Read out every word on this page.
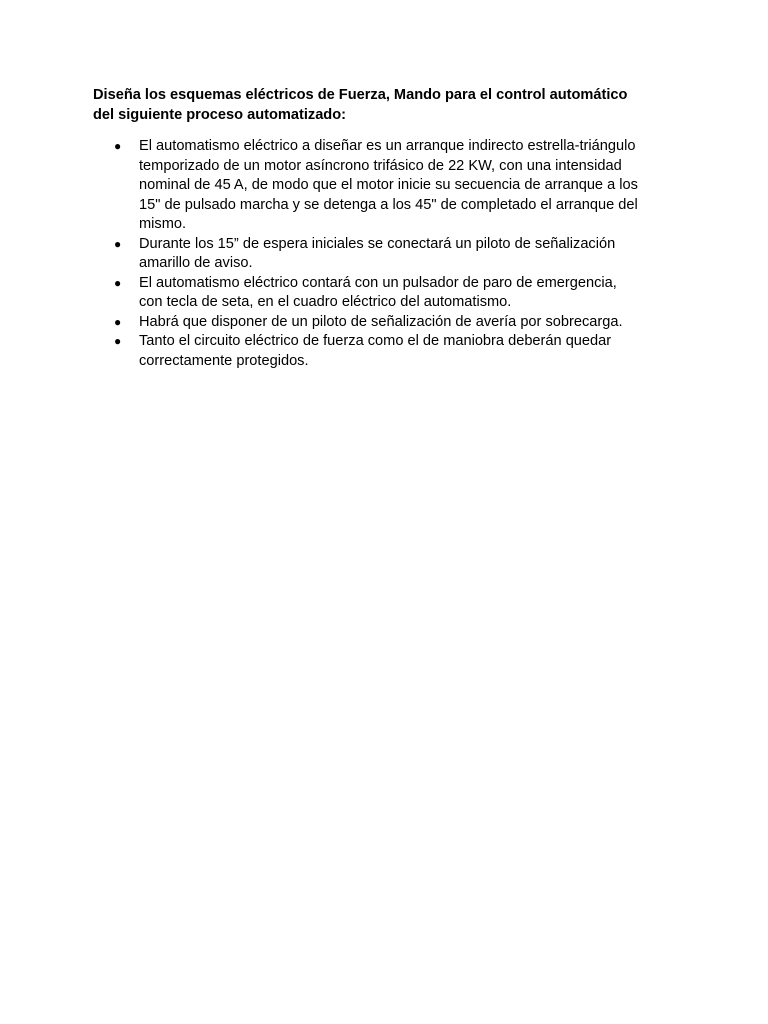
Diseña los esquemas eléctricos de Fuerza, Mando para el control automático
del siguiente proceso automatizado:

● El automatismo eléctrico a diseñar es un arranque indirecto estrella-triángulo
temporizado de un motor asíncrono trifásico de 22 KW, con una intensidad
nominal de 45 A, de modo que el motor inicie su secuencia de arranque a los
15" de pulsado marcha y se detenga a los 45" de completado el arranque del
mismo.
● Durante los 15” de espera iniciales se conectará un piloto de señalización
amarillo de aviso.
● El automatismo eléctrico contará con un pulsador de paro de emergencia,
con tecla de seta, en el cuadro eléctrico del automatismo.
● Habrá que disponer de un piloto de señalización de avería por sobrecarga.
● Tanto el circuito eléctrico de fuerza como el de maniobra deberán quedar
correctamente protegidos.
